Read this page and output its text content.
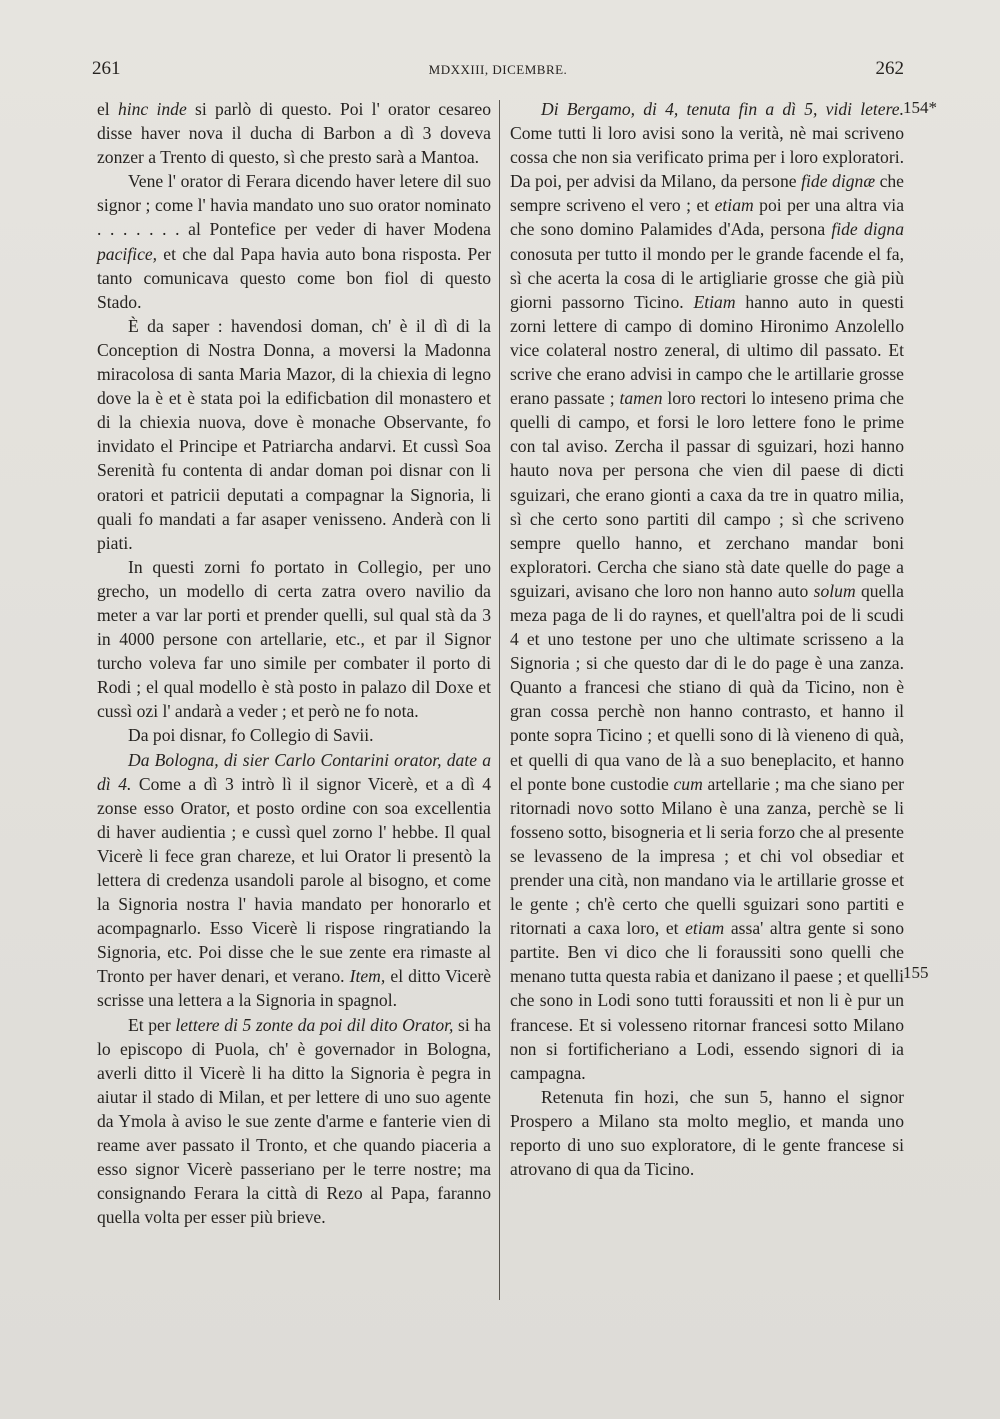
261	MDXXIII, DICEMBRE.	262

el hinc inde si parlò di questo. Poi l' orator cesareo disse haver nova il ducha di Barbon a dì 3 doveva zonzer a Trento di questo, sì che presto sarà a Mantoa.

Vene l' orator di Ferara dicendo haver letere dil suo signor ; come l' havia mandato uno suo orator nominato . . . . . . . al Pontefice per veder di haver Modena pacifice, et che dal Papa havia auto bona risposta. Per tanto comunicava questo come bon fiol di questo Stado.

È da saper : havendosi doman, ch' è il dì di la Conception di Nostra Donna, a moversi la Madonna miracolosa di santa Maria Mazor, di la chiexia di legno dove la è et è stata poi la edificbation dil monastero et di la chiexia nuova, dove è monache Observante, fo invidato el Principe et Patriarcha andarvi. Et cussì Soa Serenità fu contenta di andar doman poi disnar con li oratori et patricii deputati a compagnar la Signoria, li quali fo mandati a far asaper venisseno. Anderà con li piati.

In questi zorni fo portato in Collegio, per uno grecho, un modello di certa zatra overo navilio da meter a var lar porti et prender quelli, sul qual stà da 3 in 4000 persone con artellarie, etc., et par il Signor turcho voleva far uno simile per combater il porto di Rodi ; el qual modello è stà posto in palazo dil Doxe et cussì ozi l' andarà a veder ; et però ne fo nota.

Da poi disnar, fo Collegio di Savii.

Da Bologna, di sier Carlo Contarini orator, date a dì 4. Come a dì 3 intrò lì il signor Vicerè, et a dì 4 zonse esso Orator, et posto ordine con soa excellentia di haver audientia ; e cussì quel zorno l' hebbe. Il qual Vicerè li fece gran chareze, et lui Orator li presentò la lettera di credenza usandoli parole al bisogno, et come la Signoria nostra l' havia mandato per honorarlo et acompagnarlo. Esso Vicerè li rispose ringratiando la Signoria, etc. Poi disse che le sue zente era rimaste al Tronto per haver denari, et verano. Item, el ditto Vicerè scrisse una lettera a la Signoria in spagnol.

Et per lettere di 5 zonte da poi dil dito Orator, si ha lo episcopo di Puola, ch' è governador in Bologna, averli ditto il Vicerè li ha ditto la Signoria è pegra in aiutar il stado di Milan, et per lettere di uno suo agente da Ymola à aviso le sue zente d'arme e fanterie vien di reame aver passato il Tronto, et che quando piaceria a esso signor Vicerè passeriano per le terre nostre; ma consignando Ferara la città di Rezo al Papa, faranno quella volta per esser più brieve.

Di Bergamo, di 4, tenuta fin a dì 5, vidi letere. Come tutti li loro avisi sono la verità, nè mai scriveno cossa che non sia verificato prima per i loro exploratori. Da poi, per advisi da Milano, da persone fide dignæ che sempre scriveno el vero ; et etiam poi per una altra via che sono domino Palamides d'Ada, persona fide digna conosuta per tutto il mondo per le grande facende el fa, sì che acerta la cosa di le artigliarie grosse che già più giorni passorno Ticino. Etiam hanno auto in questi zorni lettere di campo di domino Hironimo Anzolello vice colateral nostro zeneral, di ultimo dil passato. Et scrive che erano advisi in campo che le artillarie grosse erano passate ; tamen loro rectori lo inteseno prima che quelli di campo, et forsi le loro lettere fono le prime con tal aviso. Zercha il passar di sguizari, hozi hanno hauto nova per persona che vien dil paese di dicti sguizari, che erano gionti a caxa da tre in quatro milia, sì che certo sono partiti dil campo ; sì che scriveno sempre quello hanno, et zerchano mandar boni exploratori. Cercha che siano stà date quelle do page a sguizari, avisano che loro non hanno auto solum quella meza paga de li do raynes, et quell'altra poi de li scudi 4 et uno testone per uno che ultimate scrisseno a la Signoria ; si che questo dar di le do page è una zanza. Quanto a francesi che stiano di quà da Ticino, non è gran cossa perchè non hanno contrasto, et hanno il ponte sopra Ticino ; et quelli sono di là vieneno di quà, et quelli di qua vano de là a suo beneplacito, et hanno el ponte bone custodie cum artellarie ; ma che siano per ritornadi novo sotto Milano è una zanza, perchè se li fosseno sotto, bisogneria et li seria forzo che al presente se levasseno de la impresa ; et chi vol obsediar et prender una cità, non mandano via le artillarie grosse et le gente ; ch'è certo che quelli sguizari sono partiti e ritornati a caxa loro, et etiam assa' altra gente si sono partite. Ben vi dico che li foraussiti sono quelli che menano tutta questa rabia et danizano il paese ; et quelli che sono in Lodi sono tutti foraussiti et non li è pur un francese. Et si volesseno ritornar francesi sotto Milano non si fortificheriano a Lodi, essendo signori di ia campagna.

Retenuta fin hozi, che sun 5, hanno el signor Prospero a Milano sta molto meglio, et manda uno reporto di uno suo exploratore, di le gente francese si atrovano di qua da Ticino.

154*
155
